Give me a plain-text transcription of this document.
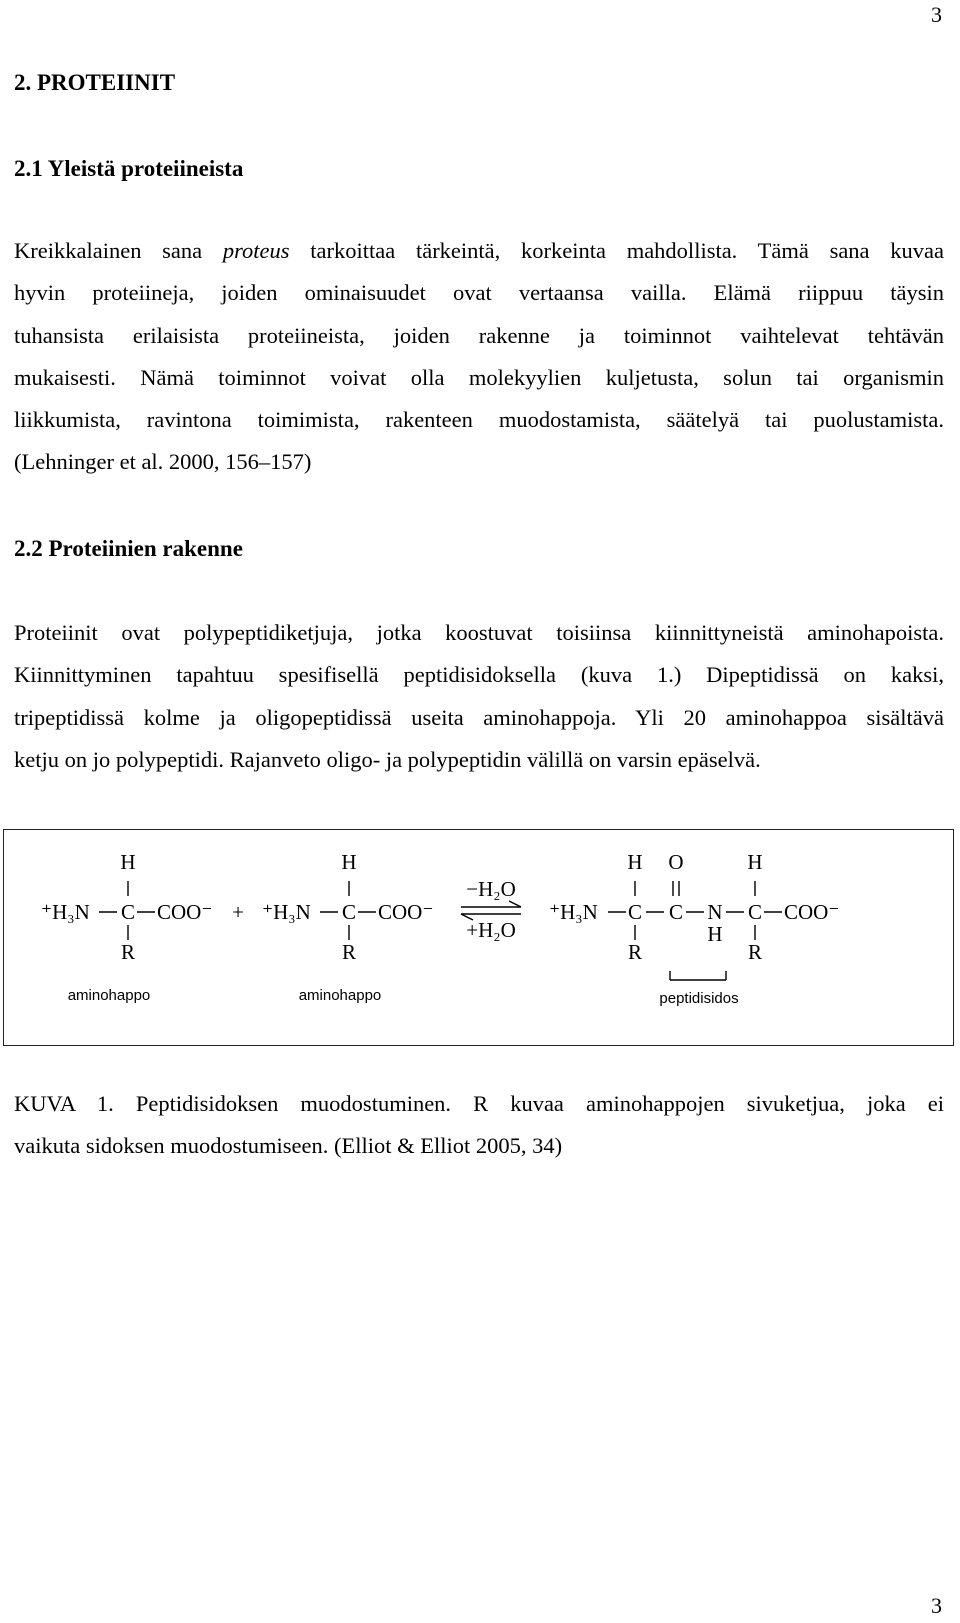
3
2. PROTEIINIT
2.1 Yleistä proteiineista

Kreikkalainen sana proteus tarkoittaa tärkeintä, korkeinta mahdollista. Tämä sana kuvaa
hyvin proteiineja, joiden ominaisuudet ovat vertaansa vailla. Elämä riippuu täysin
tuhansista erilaisista proteiineista, joiden rakenne ja toiminnot vaihtelevat tehtävän
mukaisesti. Nämä toiminnot voivat olla molekyylien kuljetusta, solun tai organismin
liikkumista, ravintona toimimista, rakenteen muodostamista, säätelyä tai puolustamista.
(Lehninger et al. 2000, 156–157)

2.2 Proteiinien rakenne

Proteiinit ovat polypeptidiketjuja, jotka koostuvat toisiinsa kiinnittyneistä aminohapoista.
Kiinnittyminen tapahtuu spesifisellä peptidisidoksella (kuva 1.) Dipeptidissä on kaksi,
tripeptidissä kolme ja oligopeptidissä useita aminohappoja. Yli 20 aminohappoa sisältävä
ketju on jo polypeptidi. Rajanveto oligo- ja polypeptidin välillä on varsin epäselvä.

H
⁺H₃N C COO⁻
R
+
H
⁺H₃N C COO⁻
R
−H₂O
+H₂O
⁺H₃N
H
C
R
O
C N
H
H
C
R
COO⁻
aminohappo	aminohappo	peptidisidos

KUVA 1. Peptidisidoksen muodostuminen. R kuvaa aminohappojen sivuketjua, joka ei
vaikuta sidoksen muodostumiseen. (Elliot & Elliot 2005, 34)

3
